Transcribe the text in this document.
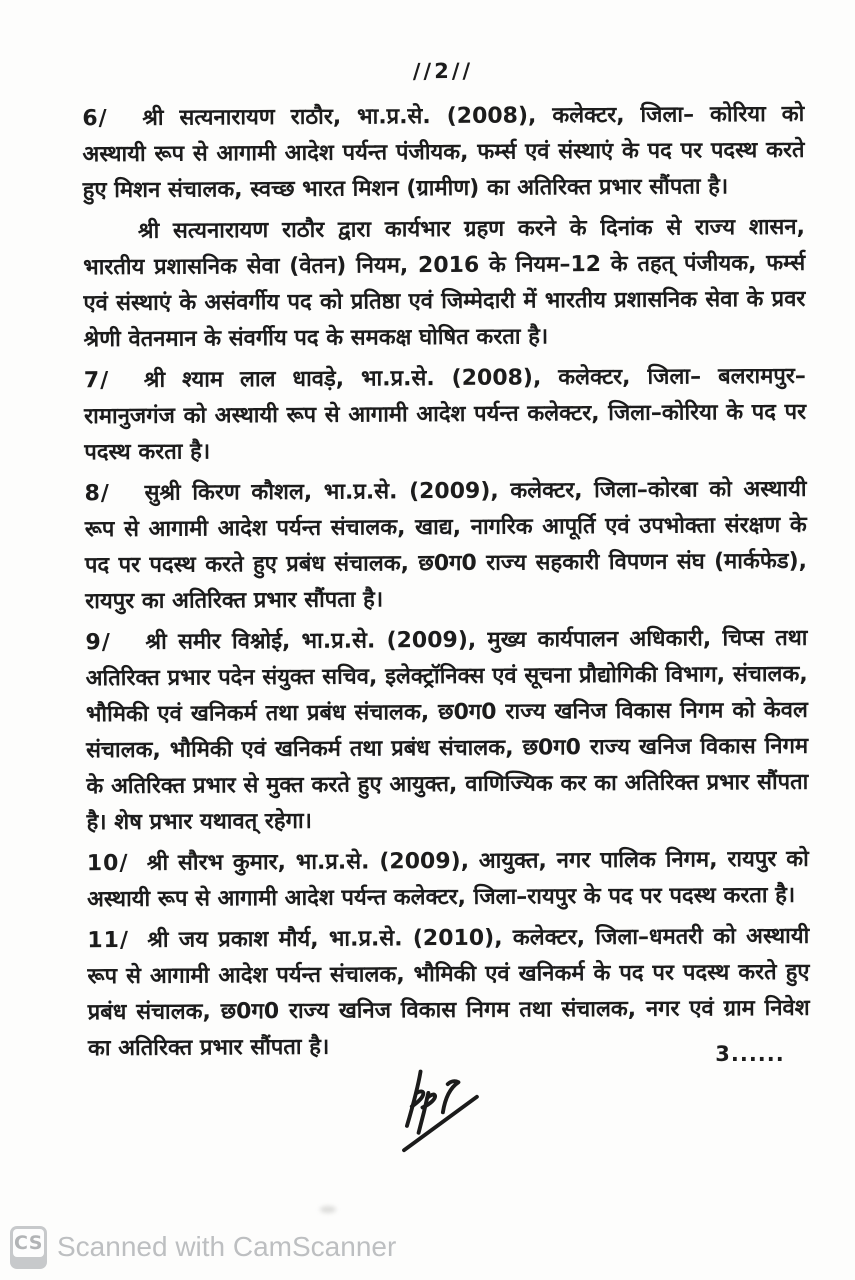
//2//
6/ श्री सत्यनारायण राठौर, भा.प्र.से. (2008), कलेक्टर, जिला– कोरिया को अस्थायी रूप से आगामी आदेश पर्यन्त पंजीयक, फर्म्स एवं संस्थाएं के पद पर पदस्थ करते हुए मिशन संचालक, स्वच्छ भारत मिशन (ग्रामीण) का अतिरिक्त प्रभार सौंपता है।
श्री सत्यनारायण राठौर द्वारा कार्यभार ग्रहण करने के दिनांक से राज्य शासन, भारतीय प्रशासनिक सेवा (वेतन) नियम, 2016 के नियम–12 के तहत् पंजीयक, फर्म्स एवं संस्थाएं के असंवर्गीय पद को प्रतिष्ठा एवं जिम्मेदारी में भारतीय प्रशासनिक सेवा के प्रवर श्रेणी वेतनमान के संवर्गीय पद के समकक्ष घोषित करता है।
7/ श्री श्याम लाल धावड़े, भा.प्र.से. (2008), कलेक्टर, जिला– बलरामपुर– रामानुजगंज को अस्थायी रूप से आगामी आदेश पर्यन्त कलेक्टर, जिला–कोरिया के पद पर पदस्थ करता है।
8/ सुश्री किरण कौशल, भा.प्र.से. (2009), कलेक्टर, जिला–कोरबा को अस्थायी रूप से आगामी आदेश पर्यन्त संचालक, खाद्य, नागरिक आपूर्ति एवं उपभोक्ता संरक्षण के पद पर पदस्थ करते हुए प्रबंध संचालक, छ0ग0 राज्य सहकारी विपणन संघ (मार्कफेड), रायपुर का अतिरिक्त प्रभार सौंपता है।
9/ श्री समीर विश्नोई, भा.प्र.से. (2009), मुख्य कार्यपालन अधिकारी, चिप्स तथा अतिरिक्त प्रभार पदेन संयुक्त सचिव, इलेक्ट्रॉनिक्स एवं सूचना प्रौद्योगिकी विभाग, संचालक, भौमिकी एवं खनिकर्म तथा प्रबंध संचालक, छ0ग0 राज्य खनिज विकास निगम को केवल संचालक, भौमिकी एवं खनिकर्म तथा प्रबंध संचालक, छ0ग0 राज्य खनिज विकास निगम के अतिरिक्त प्रभार से मुक्त करते हुए आयुक्त, वाणिज्यिक कर का अतिरिक्त प्रभार सौंपता है। शेष प्रभार यथावत् रहेगा।
10/ श्री सौरभ कुमार, भा.प्र.से. (2009), आयुक्त, नगर पालिक निगम, रायपुर को अस्थायी रूप से आगामी आदेश पर्यन्त कलेक्टर, जिला–रायपुर के पद पर पदस्थ करता है।
11/ श्री जय प्रकाश मौर्य, भा.प्र.से. (2010), कलेक्टर, जिला–धमतरी को अस्थायी रूप से आगामी आदेश पर्यन्त संचालक, भौमिकी एवं खनिकर्म के पद पर पदस्थ करते हुए प्रबंध संचालक, छ0ग0 राज्य खनिज विकास निगम तथा संचालक, नगर एवं ग्राम निवेश का अतिरिक्त प्रभार सौंपता है।	3......
CS Scanned with CamScanner
